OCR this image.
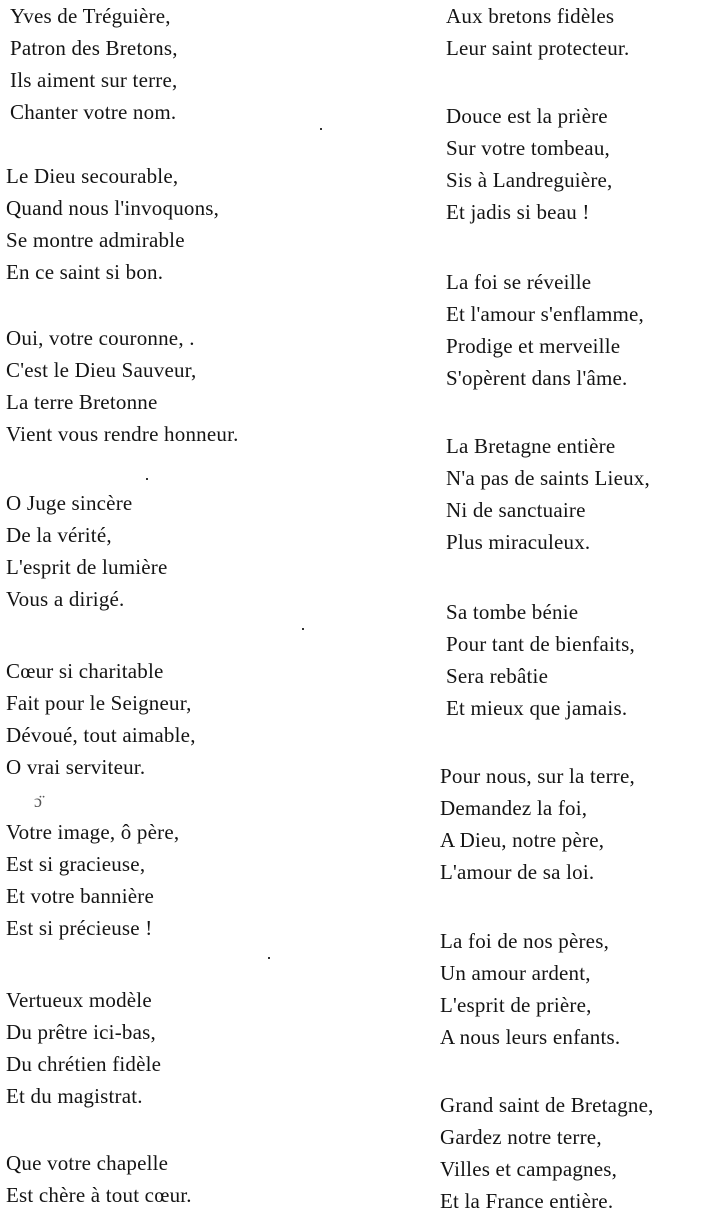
Yves de Tréguière,
Patron des Bretons,
Ils aiment sur terre,
Chanter votre nom.
Le Dieu secourable,
Quand nous l'invoquons,
Se montre admirable
En ce saint si bon.
Oui, votre couronne, .
C'est le Dieu Sauveur,
La terre Bretonne
Vient vous rendre honneur.
O Juge sincère
De la vérité,
L'esprit de lumière
Vous a dirigé.
Cœur si charitable
Fait pour le Seigneur,
Dévoué, tout aimable,
O vrai serviteur.
Votre image, ô père,
Est si gracieuse,
Et votre bannière
Est si précieuse !
Vertueux modèle
Du prêtre ici-bas,
Du chrétien fidèle
Et du magistrat.
Que votre chapelle
Est chère à tout cœur.
Aux bretons fidèles
Leur saint protecteur.
Douce est la prière
Sur votre tombeau,
Sis à Landreguière,
Et jadis si beau !
La foi se réveille
Et l'amour s'enflamme,
Prodige et merveille
S'opèrent dans l'âme.
La Bretagne entière
N'a pas de saints Lieux,
Ni de sanctuaire
Plus miraculeux.
Sa tombe bénie
Pour tant de bienfaits,
Sera rebâtie
Et mieux que jamais.
Pour nous, sur la terre,
Demandez la foi,
A Dieu, notre père,
L'amour de sa loi.
La foi de nos pères,
Un amour ardent,
L'esprit de prière,
A nous leurs enfants.
Grand saint de Bretagne,
Gardez notre terre,
Villes et campagnes,
Et la France entière.
ɔ̈
